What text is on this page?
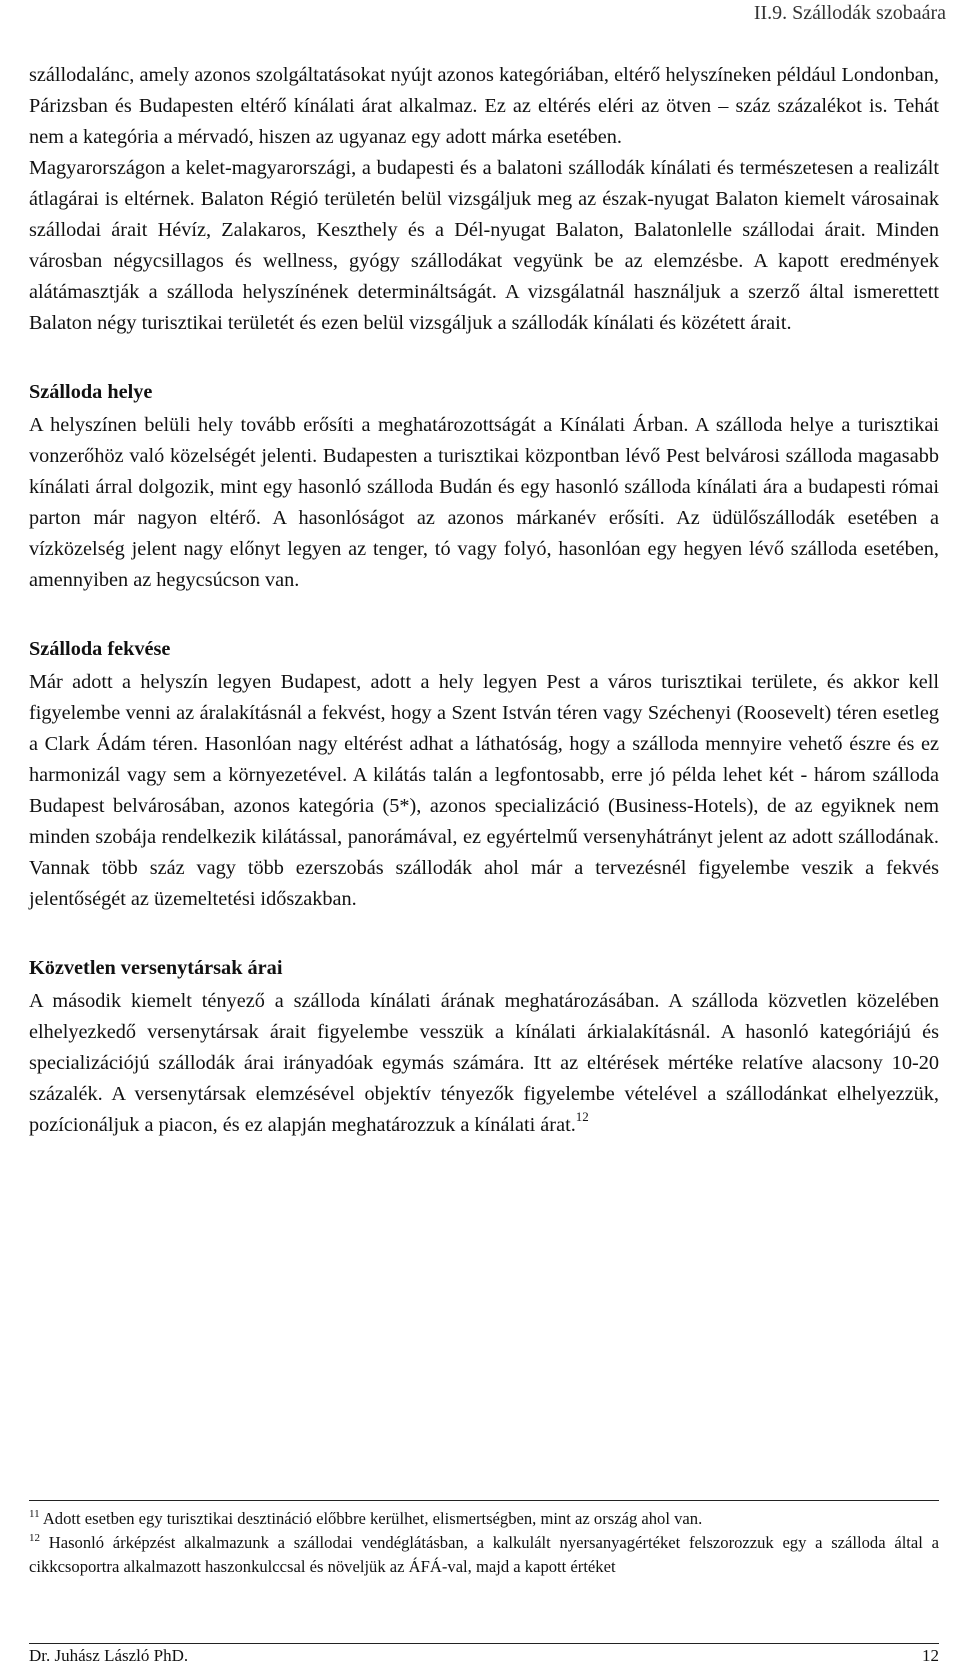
II.9. Szállodák szobaára

szállodalánc, amely azonos szolgáltatásokat nyújt azonos kategóriában, eltérő helyszíneken például Londonban, Párizsban és Budapesten eltérő kínálati árat alkalmaz. Ez az eltérés eléri az ötven – száz százalékot is. Tehát nem a kategória a mérvadó, hiszen az ugyanaz egy adott márka esetében.

Magyarországon a kelet-magyarországi, a budapesti és a balatoni szállodák kínálati és természetesen a realizált átlagárai is eltérnek. Balaton Régió területén belül vizsgáljuk meg az észak-nyugat Balaton kiemelt városainak szállodai árait Hévíz, Zalakaros, Keszthely és a Dél-nyugat Balaton, Balatonlelle szállodai árait. Minden városban négycsillagos és wellness, gyógy szállodákat vegyünk be az elemzésbe. A kapott eredmények alátámasztják a szálloda helyszínének determináltságát. A vizsgálatnál használjuk a szerző által ismerettett Balaton négy turisztikai területét és ezen belül vizsgáljuk a szállodák kínálati és közétett árait.

Szálloda helye

A helyszínen belüli hely tovább erősíti a meghatározottságát a Kínálati Árban. A szálloda helye a turisztikai vonzerőhöz való közelségét jelenti. Budapesten a turisztikai központban lévő Pest belvárosi szálloda magasabb kínálati árral dolgozik, mint egy hasonló szálloda Budán és egy hasonló szálloda kínálati ára a budapesti római parton már nagyon eltérő. A hasonlóságot az azonos márkanév erősíti. Az üdülőszállodák esetében a vízközelség jelent nagy előnyt legyen az tenger, tó vagy folyó, hasonlóan egy hegyen lévő szálloda esetében, amennyiben az hegycsúcson van.

Szálloda fekvése

Már adott a helyszín legyen Budapest, adott a hely legyen Pest a város turisztikai területe, és akkor kell figyelembe venni az áralakításnál a fekvést, hogy a Szent István téren vagy Széchenyi (Roosevelt) téren esetleg a Clark Ádám téren. Hasonlóan nagy eltérést adhat a láthatóság, hogy a szálloda mennyire vehető észre és ez harmonizál vagy sem a környezetével. A kilátás talán a legfontosabb, erre jó példa lehet két - három szálloda Budapest belvárosában, azonos kategória (5*), azonos specializáció (Business-Hotels), de az egyiknek nem minden szobája rendelkezik kilátással, panorámával, ez egyértelmű versenyhátrányt jelent az adott szállodának. Vannak több száz vagy több ezerszobás szállodák ahol már a tervezésnél figyelembe veszik a fekvés jelentőségét az üzemeltetési időszakban.

Közvetlen versenytársak árai

A második kiemelt tényező a szálloda kínálati árának meghatározásában. A szálloda közvetlen közelében elhelyezkedő versenytársak árait figyelembe vesszük a kínálati árkialakításnál. A hasonló kategóriájú és specializációjú szállodák árai irányadóak egymás számára. Itt az eltérések mértéke relatíve alacsony 10-20 százalék. A versenytársak elemzésével objektív tényezők figyelembe vételével a szállodánkat elhelyezzük, pozícionáljuk a piacon, és ez alapján meghatározzuk a kínálati árat.$^{12}$

$^{11}$ Adott esetben egy turisztikai desztináció előbbre kerülhet, elismertségben, mint az ország ahol van.

$^{12}$ Hasonló árképzést alkalmazunk a szállodai vendéglátásban, a kalkulált nyersanyagértéket felszorozzuk egy a szálloda által a cikkcsoportra alkalmazott haszonkulccsal és növeljük az ÁFÁ-val, majd a kapott értéket

Dr. Juhász László PhD.	12
